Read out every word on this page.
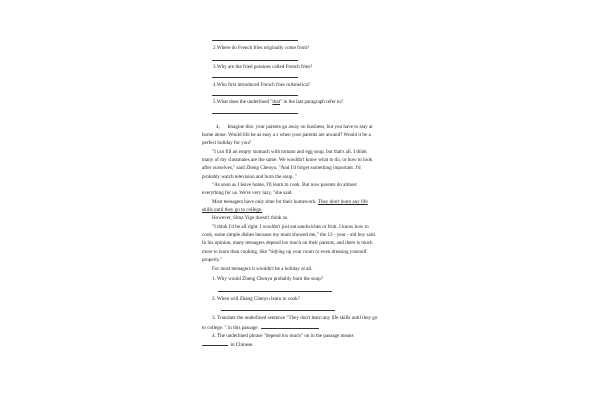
2.Where do French fries originally come from?
3.Why are the fried potatoes called French fries?
4.Who first introduced French fries toAmerica?
5.What does the underlined "that" in the last paragraph refer to?
4、 Imagine this: your parents go away on business, but you have to stay at
home alone. Would life be as easy a s when your parents are around? Would it be a
perfect holiday for you?
"I can fill an empty stomach with tomato and egg soup, but that's all. I think
many of my classmates are the same. We wouldn't know what to do, or how to look
after ourselves," said Zheng Chenyu. "And I'd forget something important. I'd
probably watch television and burn the soup. "
"As soon as I leave home, I'll learn to cook. But now parents do almost
everything for us. We're very lazy, "she said.
Most teenagers have only time for their homework. They don't learn any life
skills until they go to college.
However, Sima Yige doesn't think so.
"I think I'd be all right. I wouldn't just eat sandwiches or fruit. I know how to
cook, some simple dishes because my mum showed me," the 13 - year - old boy said.
In his opinion, many teenagers depend too much on their parents, and there is much
more to learn than cooking, like "tidying up your room or even dressing yourself
properly."
For most teenagers it wouldn't be a holiday at all.
1. Why would Zheng Chenyu probably burn the soup?
2. When will Zhang Chenyu learn to cook?
3. Translate the underlined sentence "They don't learn any life skills until they go
to college. " in this passage.
4. The underlined phrase "depend too much" on in the passage means
in Chinese.
